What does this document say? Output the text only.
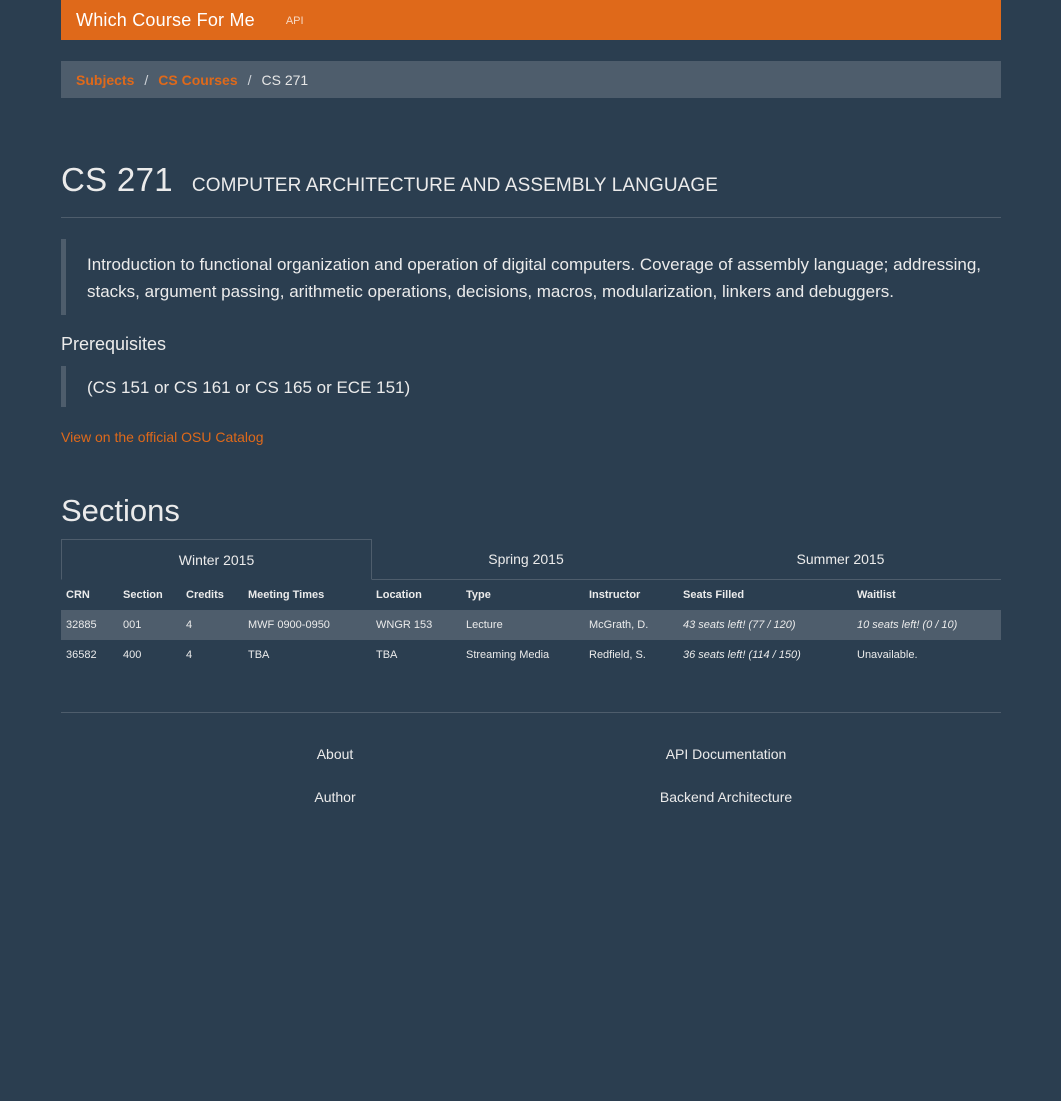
Which Course For Me	API
Subjects / CS Courses / CS 271
CS 271 COMPUTER ARCHITECTURE AND ASSEMBLY LANGUAGE
Introduction to functional organization and operation of digital computers. Coverage of assembly language; addressing, stacks, argument passing, arithmetic operations, decisions, macros, modularization, linkers and debuggers.
Prerequisites
(CS 151 or CS 161 or CS 165 or ECE 151)
View on the official OSU Catalog
Sections
Winter 2015	Spring 2015	Summer 2015
CRN	Section	Credits	Meeting Times	Location	Type	Instructor	Seats Filled	Waitlist
32885	001	4	MWF 0900-0950	WNGR 153	Lecture	McGrath, D.	43 seats left! (77 / 120)	10 seats left! (0 / 10)
36582	400	4	TBA	TBA	Streaming Media	Redfield, S.	36 seats left! (114 / 150)	Unavailable.
About	API Documentation
Author	Backend Architecture
